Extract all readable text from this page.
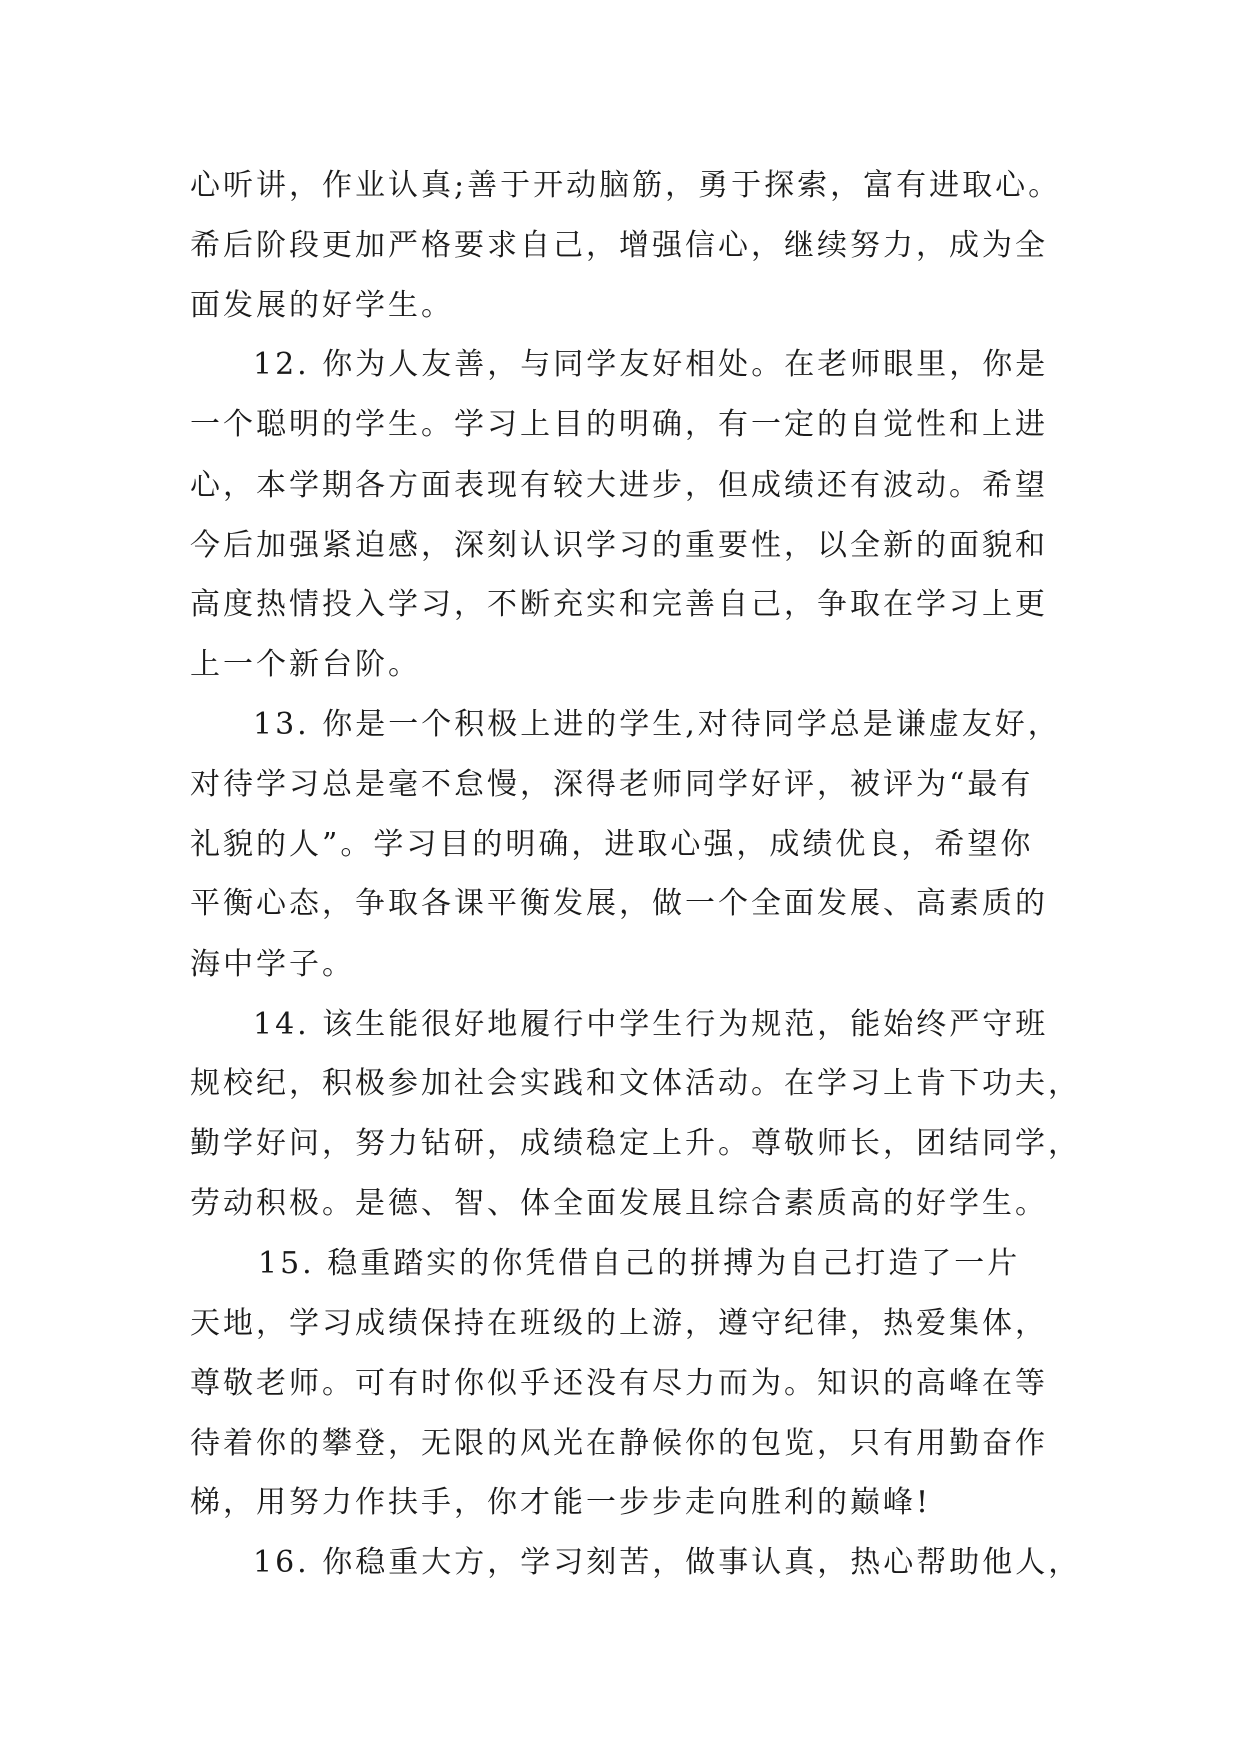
心听讲，作业认真;善于开动脑筋，勇于探索，富有进取心。
希后阶段更加严格要求自己，增强信心，继续努力，成为全
面发展的好学生。
12. 你为人友善，与同学友好相处。在老师眼里，你是
一个聪明的学生。学习上目的明确，有一定的自觉性和上进
心，本学期各方面表现有较大进步，但成绩还有波动。希望
今后加强紧迫感，深刻认识学习的重要性，以全新的面貌和
高度热情投入学习，不断充实和完善自己，争取在学习上更
上一个新台阶。
13. 你是一个积极上进的学生,对待同学总是谦虚友好，
对待学习总是毫不怠慢，深得老师同学好评，被评为“最有
礼貌的人”。学习目的明确，进取心强，成绩优良，希望你
平衡心态，争取各课平衡发展，做一个全面发展、高素质的
海中学子。
14. 该生能很好地履行中学生行为规范，能始终严守班
规校纪，积极参加社会实践和文体活动。在学习上肯下功夫，
勤学好问，努力钻研，成绩稳定上升。尊敬师长，团结同学，
劳动积极。是德、智、体全面发展且综合素质高的好学生。
15. 稳重踏实的你凭借自己的拼搏为自己打造了一片
天地，学习成绩保持在班级的上游，遵守纪律，热爱集体，
尊敬老师。可有时你似乎还没有尽力而为。知识的高峰在等
待着你的攀登，无限的风光在静候你的包览，只有用勤奋作
梯，用努力作扶手，你才能一步步走向胜利的巅峰!
16. 你稳重大方，学习刻苦，做事认真，热心帮助他人，
